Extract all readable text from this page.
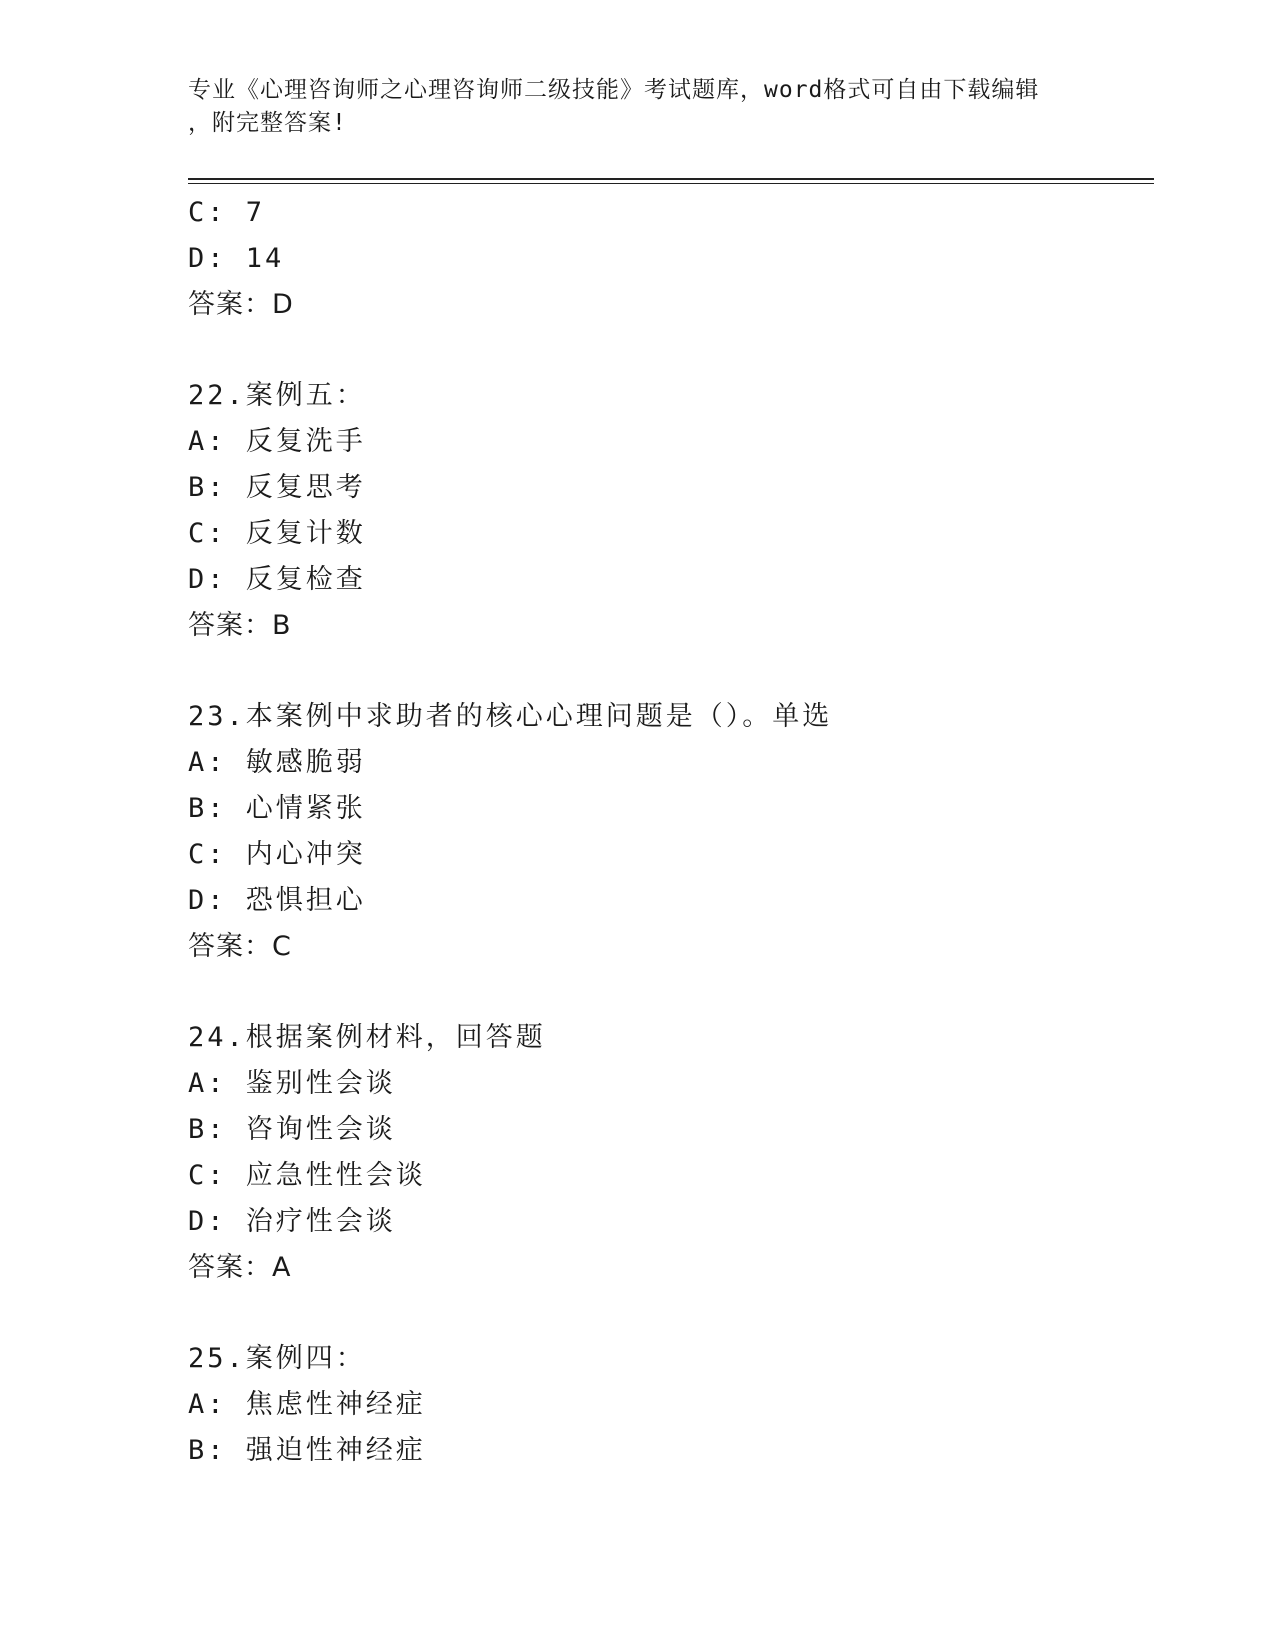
专业《心理咨询师之心理咨询师二级技能》考试题库，word格式可自由下载编辑
，附完整答案!
C: 7
D: 14
答案：D
22.案例五：
A: 反复洗手
B: 反复思考
C: 反复计数
D: 反复检查
答案：B
23.本案例中求助者的核心心理问题是（）。单选
A: 敏感脆弱
B: 心情紧张
C: 内心冲突
D: 恐惧担心
答案：C
24.根据案例材料，回答题
A: 鉴别性会谈
B: 咨询性会谈
C: 应急性性会谈
D: 治疗性会谈
答案：A
25.案例四：
A: 焦虑性神经症
B: 强迫性神经症
